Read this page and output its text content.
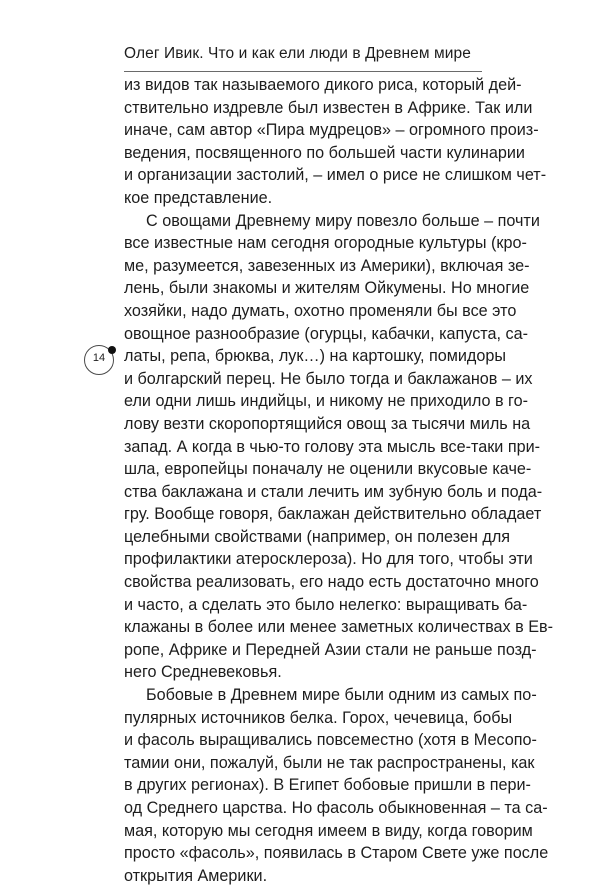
Олег Ивик. Что и как ели люди в Древнем мире
14
из видов так называемого дикого риса, который дей-
ствительно издревле был известен в Африке. Так или
иначе, сам автор «Пира мудрецов» – огромного произ-
ведения, посвященного по большей части кулинарии
и организации застолий, – имел о рисе не слишком чет-
кое представление.
С овощами Древнему миру повезло больше – почти
все известные нам сегодня огородные культуры (кро-
ме, разумеется, завезенных из Америки), включая зе-
лень, были знакомы и жителям Ойкумены. Но многие
хозяйки, надо думать, охотно променяли бы все это
овощное разнообразие (огурцы, кабачки, капуста, са-
латы, репа, брюква, лук…) на картошку, помидоры
и болгарский перец. Не было тогда и баклажанов – их
ели одни лишь индийцы, и никому не приходило в го-
лову везти скоропортящийся овощ за тысячи миль на
запад. А когда в чью-то голову эта мысль все-таки при-
шла, европейцы поначалу не оценили вкусовые каче-
ства баклажана и стали лечить им зубную боль и пода-
гру. Вообще говоря, баклажан действительно обладает
целебными свойствами (например, он полезен для
профилактики атеросклероза). Но для того, чтобы эти
свойства реализовать, его надо есть достаточно много
и часто, а сделать это было нелегко: выращивать ба-
клажаны в более или менее заметных количествах в Ев-
ропе, Африке и Передней Азии стали не раньше позд-
него Средневековья.
Бобовые в Древнем мире были одним из самых по-
пулярных источников белка. Горох, чечевица, бобы
и фасоль выращивались повсеместно (хотя в Месопо-
тамии они, пожалуй, были не так распространены, как
в других регионах). В Египет бобовые пришли в пери-
од Среднего царства. Но фасоль обыкновенная – та са-
мая, которую мы сегодня имеем в виду, когда говорим
просто «фасоль», появилась в Старом Свете уже после
открытия Америки.
